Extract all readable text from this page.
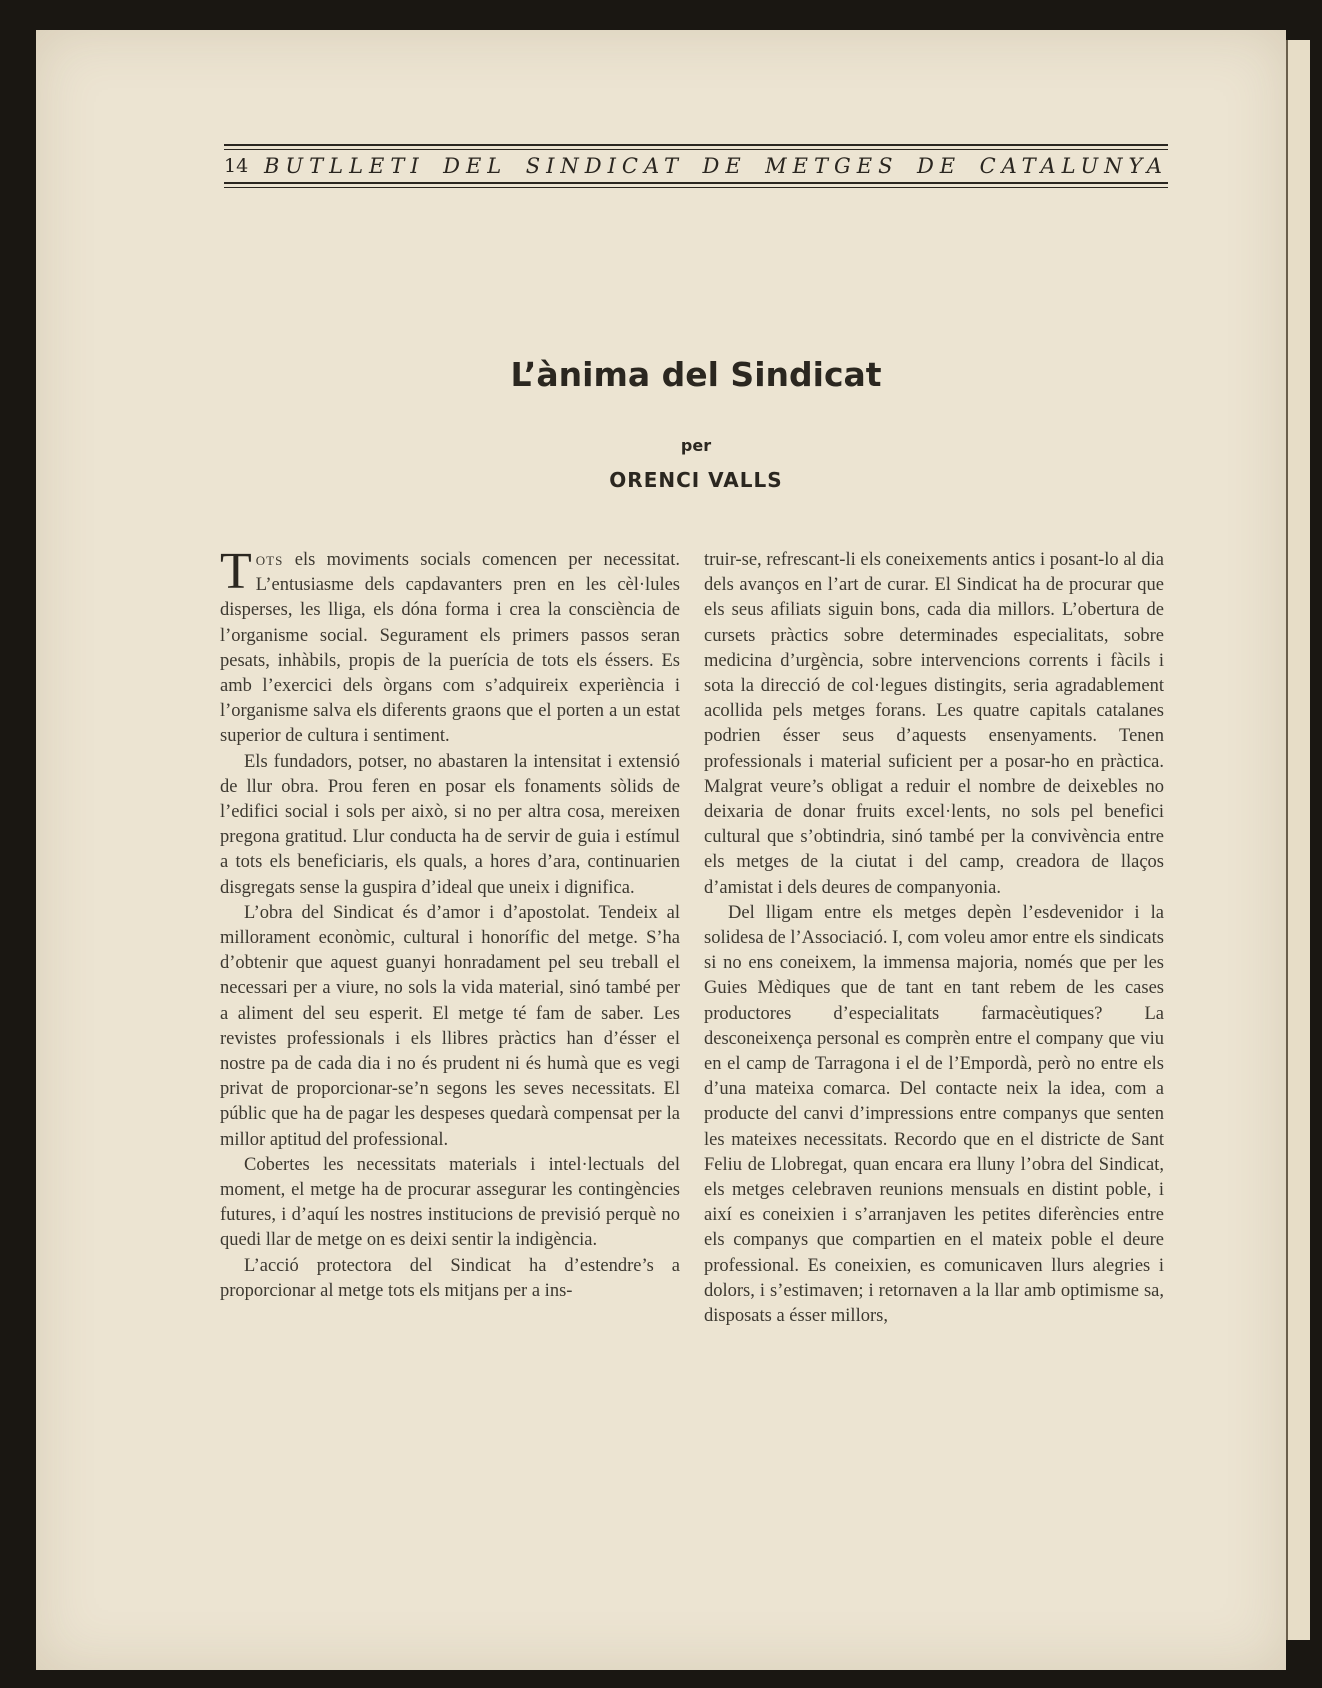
14 BUTLLETI DEL SINDICAT DE METGES DE CATALUNYA
L’ànima del Sindicat
per
ORENCI VALLS

Tots els moviments socials comencen per necessitat. L’entusiasme dels capdavanters pren en les cèl·lules disperses, les lliga, els dóna forma i crea la consciència de l’organisme social. Segurament els primers passos seran pesats, inhàbils, propis de la puerícia de tots els éssers. Es amb l’exercici dels òrgans com s’adquireix experiència i l’organisme salva els diferents graons que el porten a un estat superior de cultura i sentiment.

Els fundadors, potser, no abastaren la intensitat i extensió de llur obra. Prou feren en posar els fonaments sòlids de l’edifici social i sols per això, si no per altra cosa, mereixen pregona gratitud. Llur conducta ha de servir de guia i estímul a tots els beneficiaris, els quals, a hores d’ara, continuarien disgregats sense la guspira d’ideal que uneix i dignifica.

L’obra del Sindicat és d’amor i d’apostolat. Tendeix al millorament econòmic, cultural i honorífic del metge. S’ha d’obtenir que aquest guanyi honradament pel seu treball el necessari per a viure, no sols la vida material, sinó també per a aliment del seu esperit. El metge té fam de saber. Les revistes professionals i els llibres pràctics han d’ésser el nostre pa de cada dia i no és prudent ni és humà que es vegi privat de proporcionar-se’n segons les seves necessitats. El públic que ha de pagar les despeses quedarà compensat per la millor aptitud del professional.

Cobertes les necessitats materials i intel·lectuals del moment, el metge ha de procurar assegurar les contingències futures, i d’aquí les nostres institucions de previsió perquè no quedi llar de metge on es deixi sentir la indigència.

L’acció protectora del Sindicat ha d’estendre’s a proporcionar al metge tots els mitjans per a ins-

truir-se, refrescant-li els coneixements antics i posant-lo al dia dels avanços en l’art de curar. El Sindicat ha de procurar que els seus afiliats siguin bons, cada dia millors. L’obertura de cursets pràctics sobre determinades especialitats, sobre medicina d’urgència, sobre intervencions corrents i fàcils i sota la direcció de col·legues distingits, seria agradablement acollida pels metges forans. Les quatre capitals catalanes podrien ésser seus d’aquests ensenyaments. Tenen professionals i material suficient per a posar-ho en pràctica. Malgrat veure’s obligat a reduir el nombre de deixebles no deixaria de donar fruits excel·lents, no sols pel benefici cultural que s’obtindria, sinó també per la convivència entre els metges de la ciutat i del camp, creadora de llaços d’amistat i dels deures de companyonia.

Del lligam entre els metges depèn l’esdevenidor i la solidesa de l’Associació. I, com voleu amor entre els sindicats si no ens coneixem, la immensa majoria, només que per les Guies Mèdiques que de tant en tant rebem de les cases productores d’especialitats farmacèutiques? La desconeixença personal es comprèn entre el company que viu en el camp de Tarragona i el de l’Empordà, però no entre els d’una mateixa comarca. Del contacte neix la idea, com a producte del canvi d’impressions entre companys que senten les mateixes necessitats. Recordo que en el districte de Sant Feliu de Llobregat, quan encara era lluny l’obra del Sindicat, els metges celebraven reunions mensuals en distint poble, i així es coneixien i s’arranjaven les petites diferències entre els companys que compartien en el mateix poble el deure professional. Es coneixien, es comunicaven llurs alegries i dolors, i s’estimaven; i retornaven a la llar amb optimisme sa, disposats a ésser millors,
